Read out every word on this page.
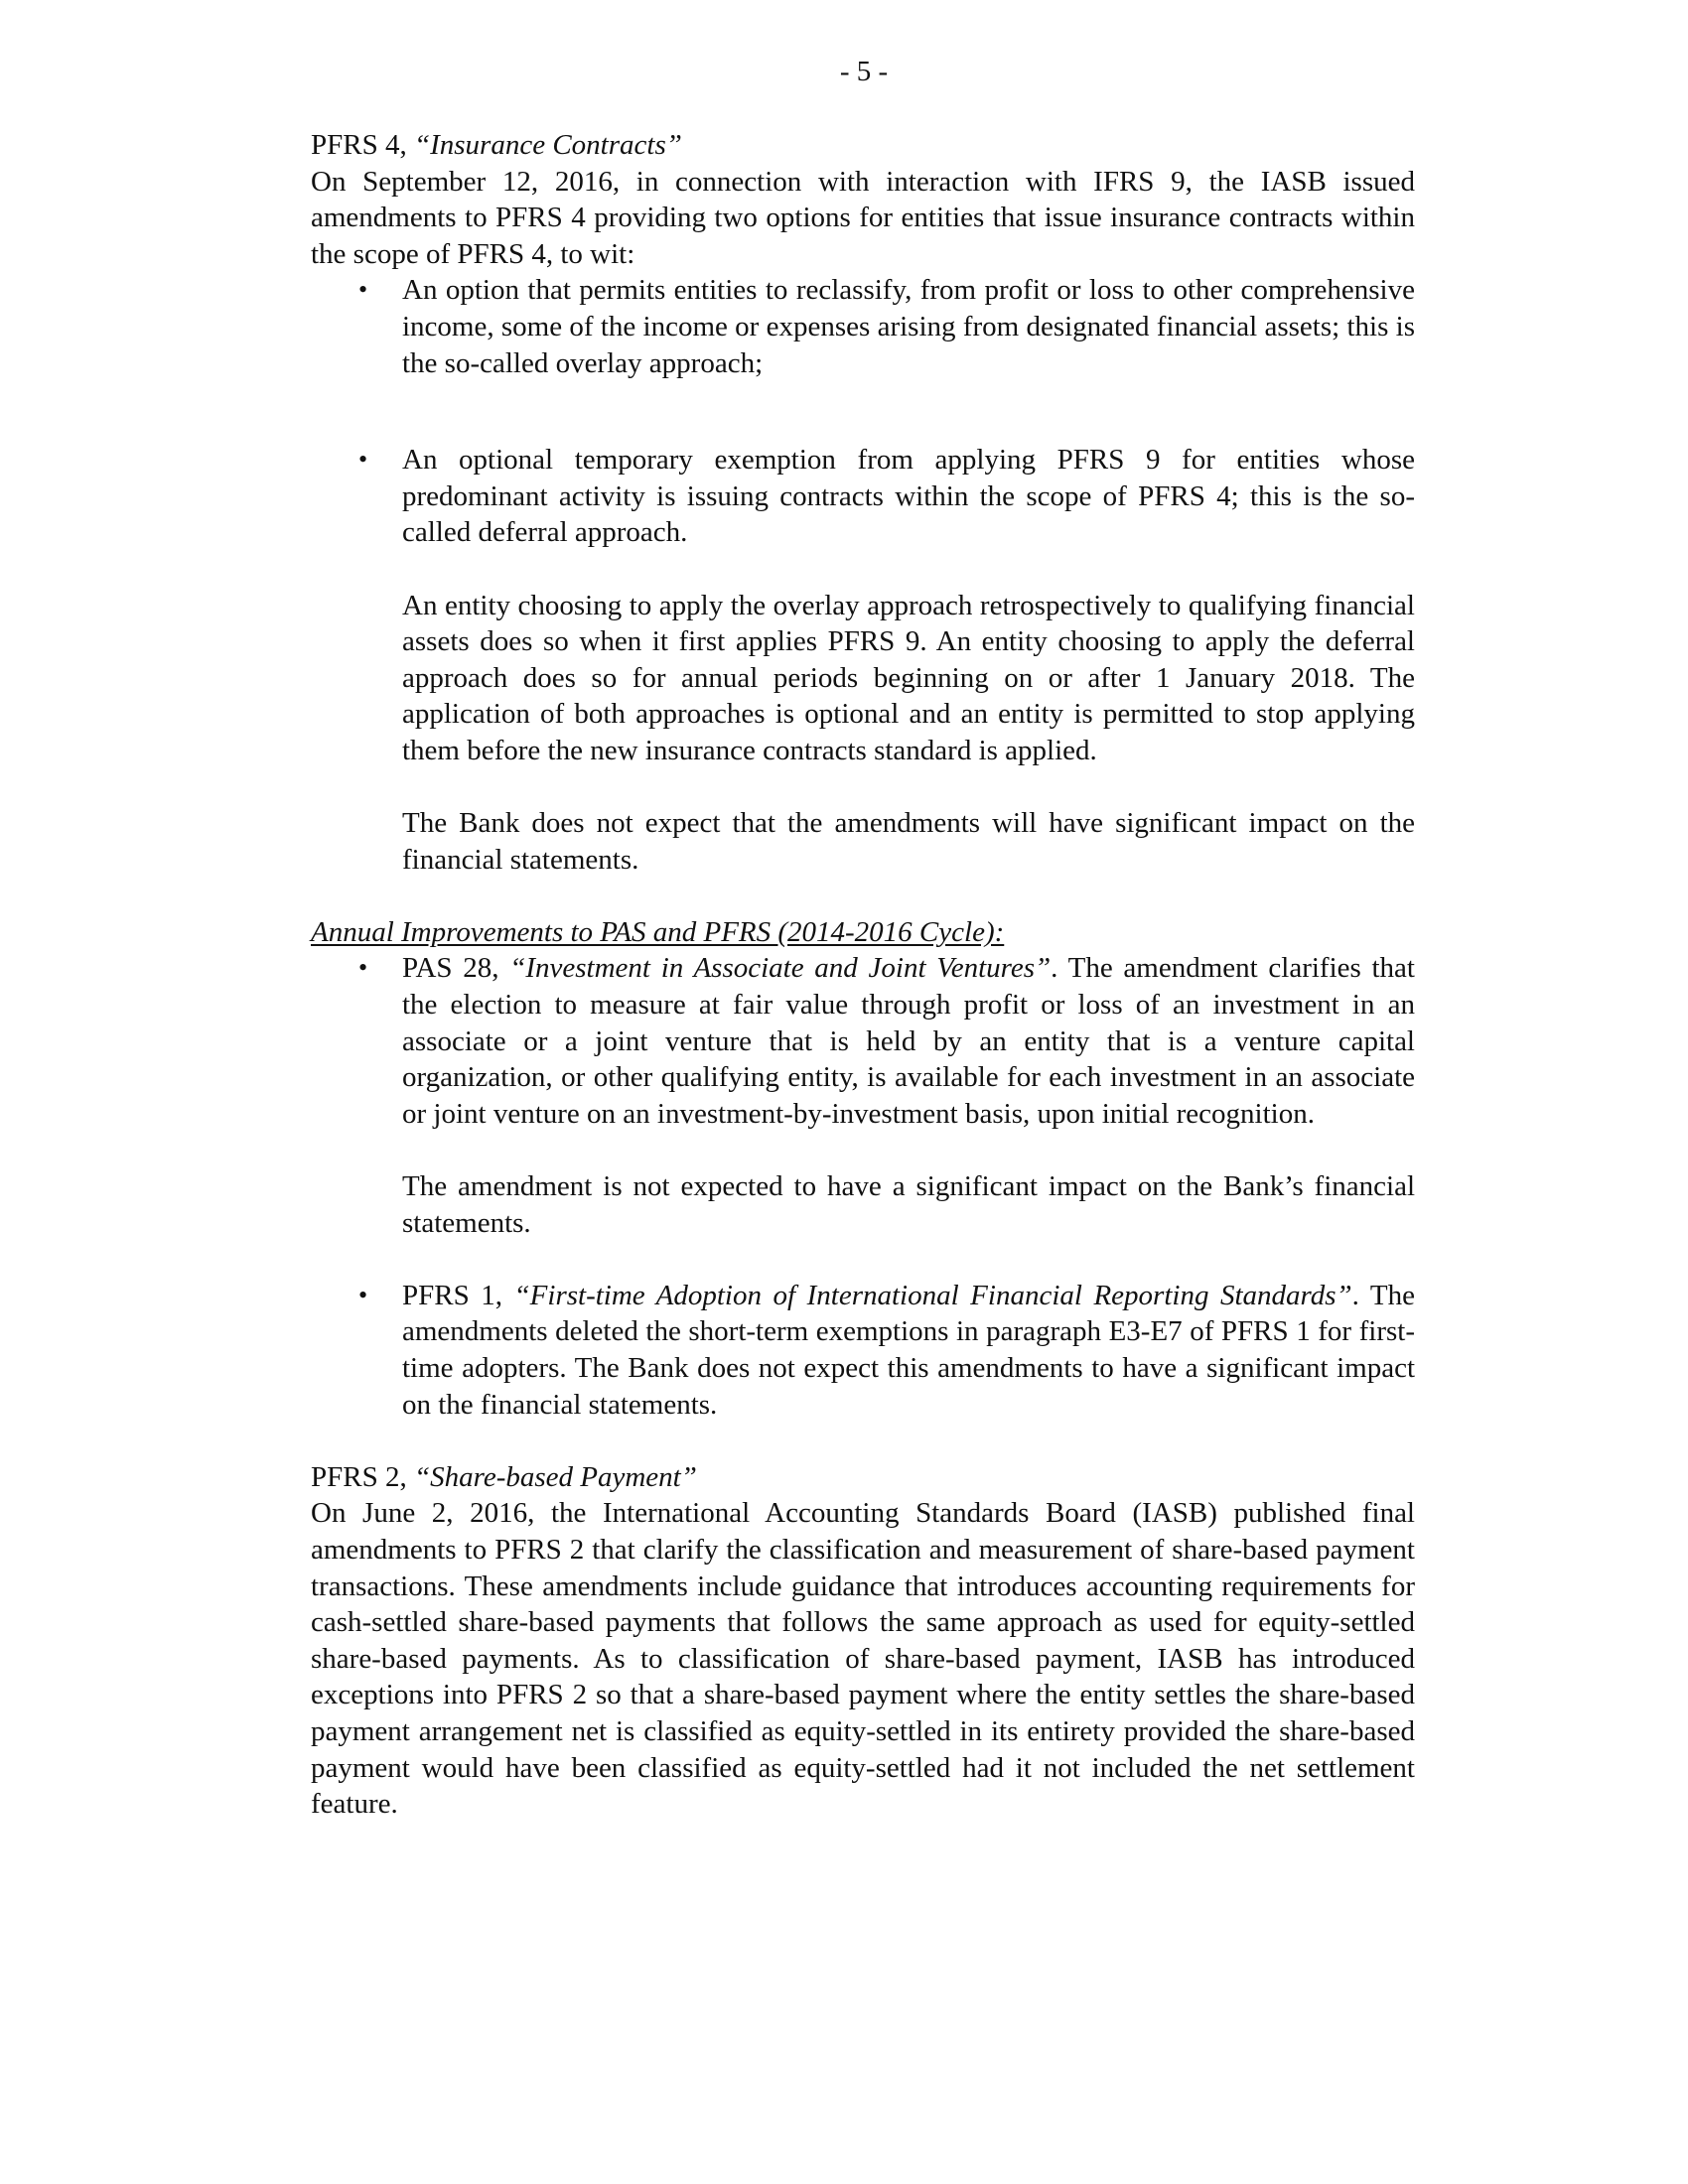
- 5 -

PFRS 4, “Insurance Contracts”

On September 12, 2016, in connection with interaction with IFRS 9, the IASB issued amendments to PFRS 4 providing two options for entities that issue insurance contracts within the scope of PFRS 4, to wit:

• An option that permits entities to reclassify, from profit or loss to other comprehensive income, some of the income or expenses arising from designated financial assets; this is the so-called overlay approach;

• An optional temporary exemption from applying PFRS 9 for entities whose predominant activity is issuing contracts within the scope of PFRS 4; this is the so-called deferral approach.

An entity choosing to apply the overlay approach retrospectively to qualifying financial assets does so when it first applies PFRS 9. An entity choosing to apply the deferral approach does so for annual periods beginning on or after 1 January 2018. The application of both approaches is optional and an entity is permitted to stop applying them before the new insurance contracts standard is applied.

The Bank does not expect that the amendments will have significant impact on the financial statements.

Annual Improvements to PAS and PFRS (2014-2016 Cycle):

• PAS 28, “Investment in Associate and Joint Ventures”. The amendment clarifies that the election to measure at fair value through profit or loss of an investment in an associate or a joint venture that is held by an entity that is a venture capital organization, or other qualifying entity, is available for each investment in an associate or joint venture on an investment-by-investment basis, upon initial recognition.

The amendment is not expected to have a significant impact on the Bank’s financial statements.

• PFRS 1, “First-time Adoption of International Financial Reporting Standards”. The amendments deleted the short-term exemptions in paragraph E3-E7 of PFRS 1 for first-time adopters. The Bank does not expect this amendments to have a significant impact on the financial statements.

PFRS 2, “Share-based Payment”

On June 2, 2016, the International Accounting Standards Board (IASB) published final amendments to PFRS 2 that clarify the classification and measurement of share-based payment transactions. These amendments include guidance that introduces accounting requirements for cash-settled share-based payments that follows the same approach as used for equity-settled share-based payments. As to classification of share-based payment, IASB has introduced exceptions into PFRS 2 so that a share-based payment where the entity settles the share-based payment arrangement net is classified as equity-settled in its entirety provided the share-based payment would have been classified as equity-settled had it not included the net settlement feature.
